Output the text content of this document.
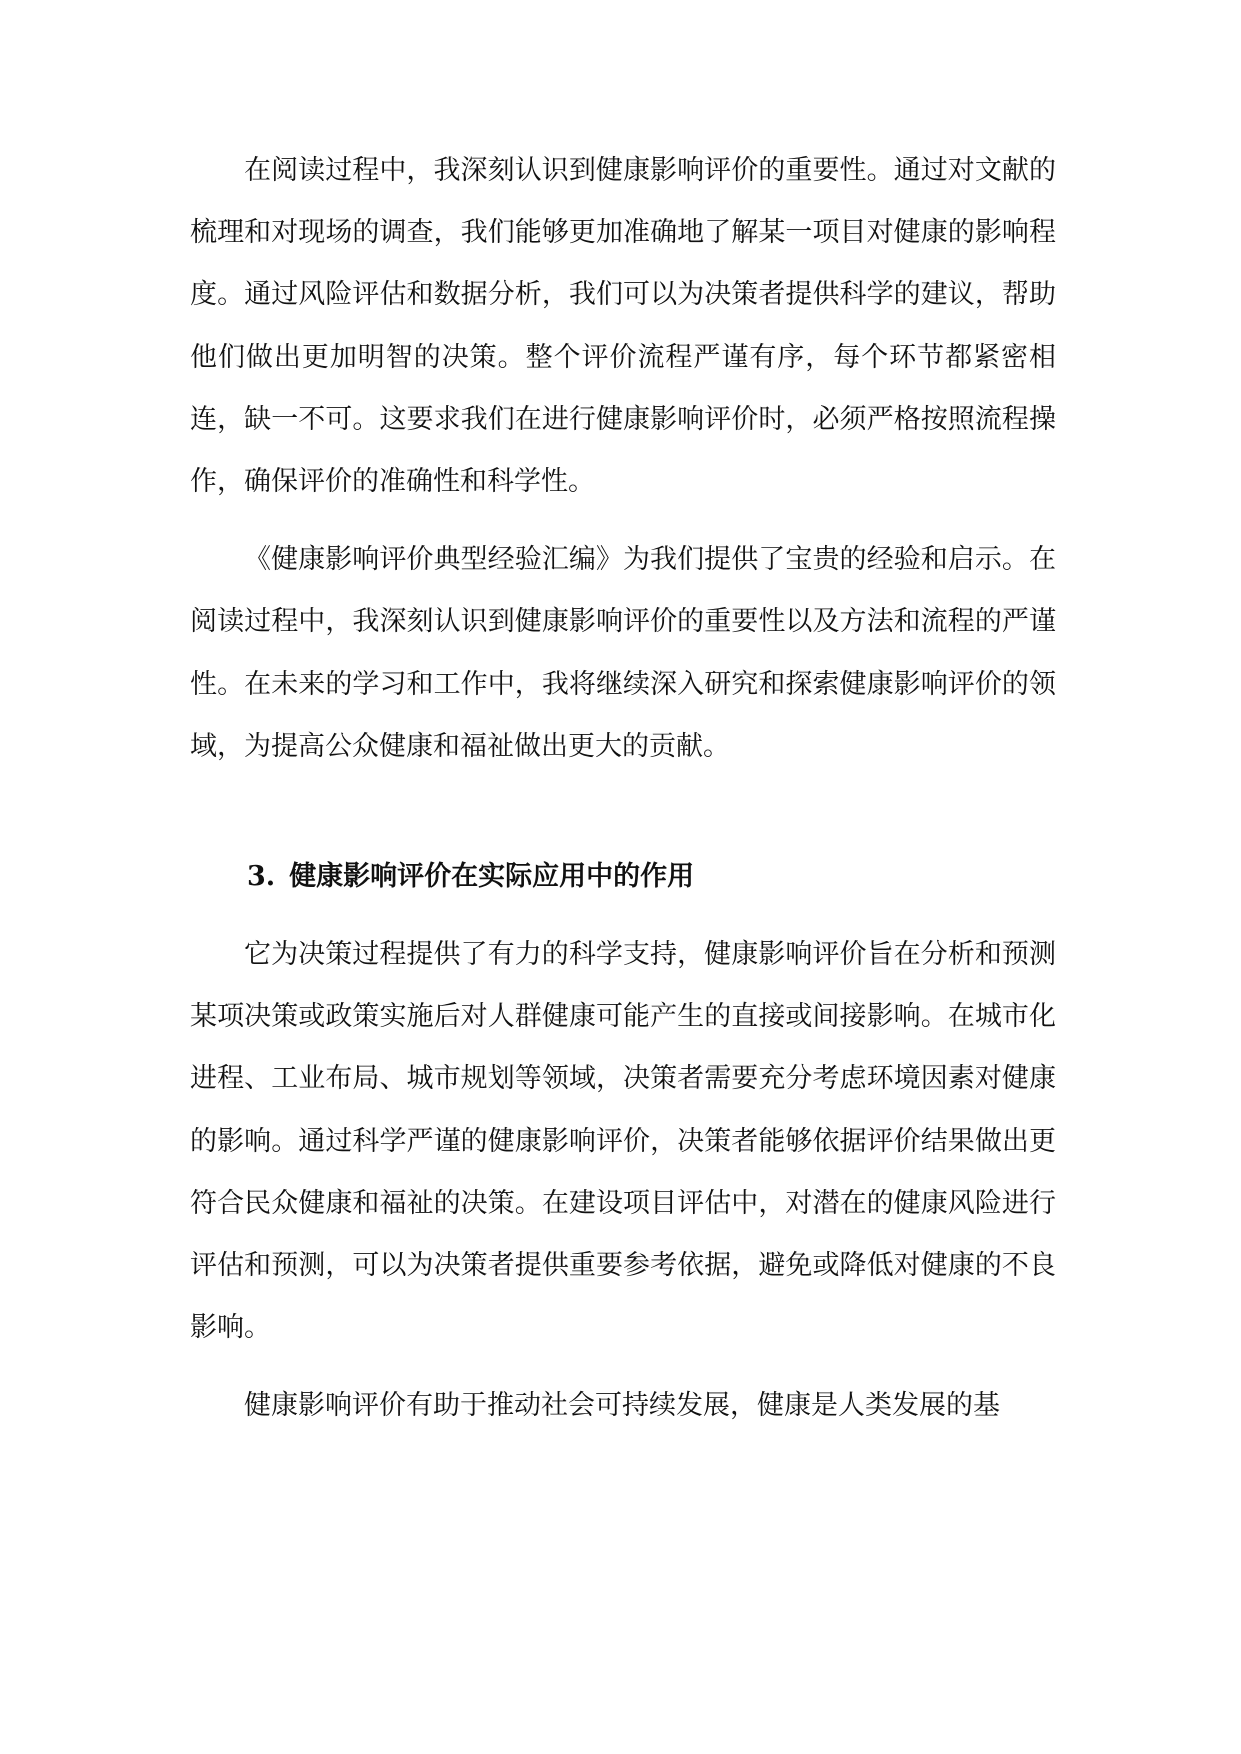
在阅读过程中，我深刻认识到健康影响评价的重要性。通过对文献的梳理和对现场的调查，我们能够更加准确地了解某一项目对健康的影响程度。通过风险评估和数据分析，我们可以为决策者提供科学的建议，帮助他们做出更加明智的决策。整个评价流程严谨有序，每个环节都紧密相连，缺一不可。这要求我们在进行健康影响评价时，必须严格按照流程操作，确保评价的准确性和科学性。

《健康影响评价典型经验汇编》为我们提供了宝贵的经验和启示。在阅读过程中，我深刻认识到健康影响评价的重要性以及方法和流程的严谨性。在未来的学习和工作中，我将继续深入研究和探索健康影响评价的领域，为提高公众健康和福祉做出更大的贡献。

3. 健康影响评价在实际应用中的作用

它为决策过程提供了有力的科学支持，健康影响评价旨在分析和预测某项决策或政策实施后对人群健康可能产生的直接或间接影响。在城市化进程、工业布局、城市规划等领域，决策者需要充分考虑环境因素对健康的影响。通过科学严谨的健康影响评价，决策者能够依据评价结果做出更符合民众健康和福祉的决策。在建设项目评估中，对潜在的健康风险进行评估和预测，可以为决策者提供重要参考依据，避免或降低对健康的不良影响。

健康影响评价有助于推动社会可持续发展，健康是人类发展的基
